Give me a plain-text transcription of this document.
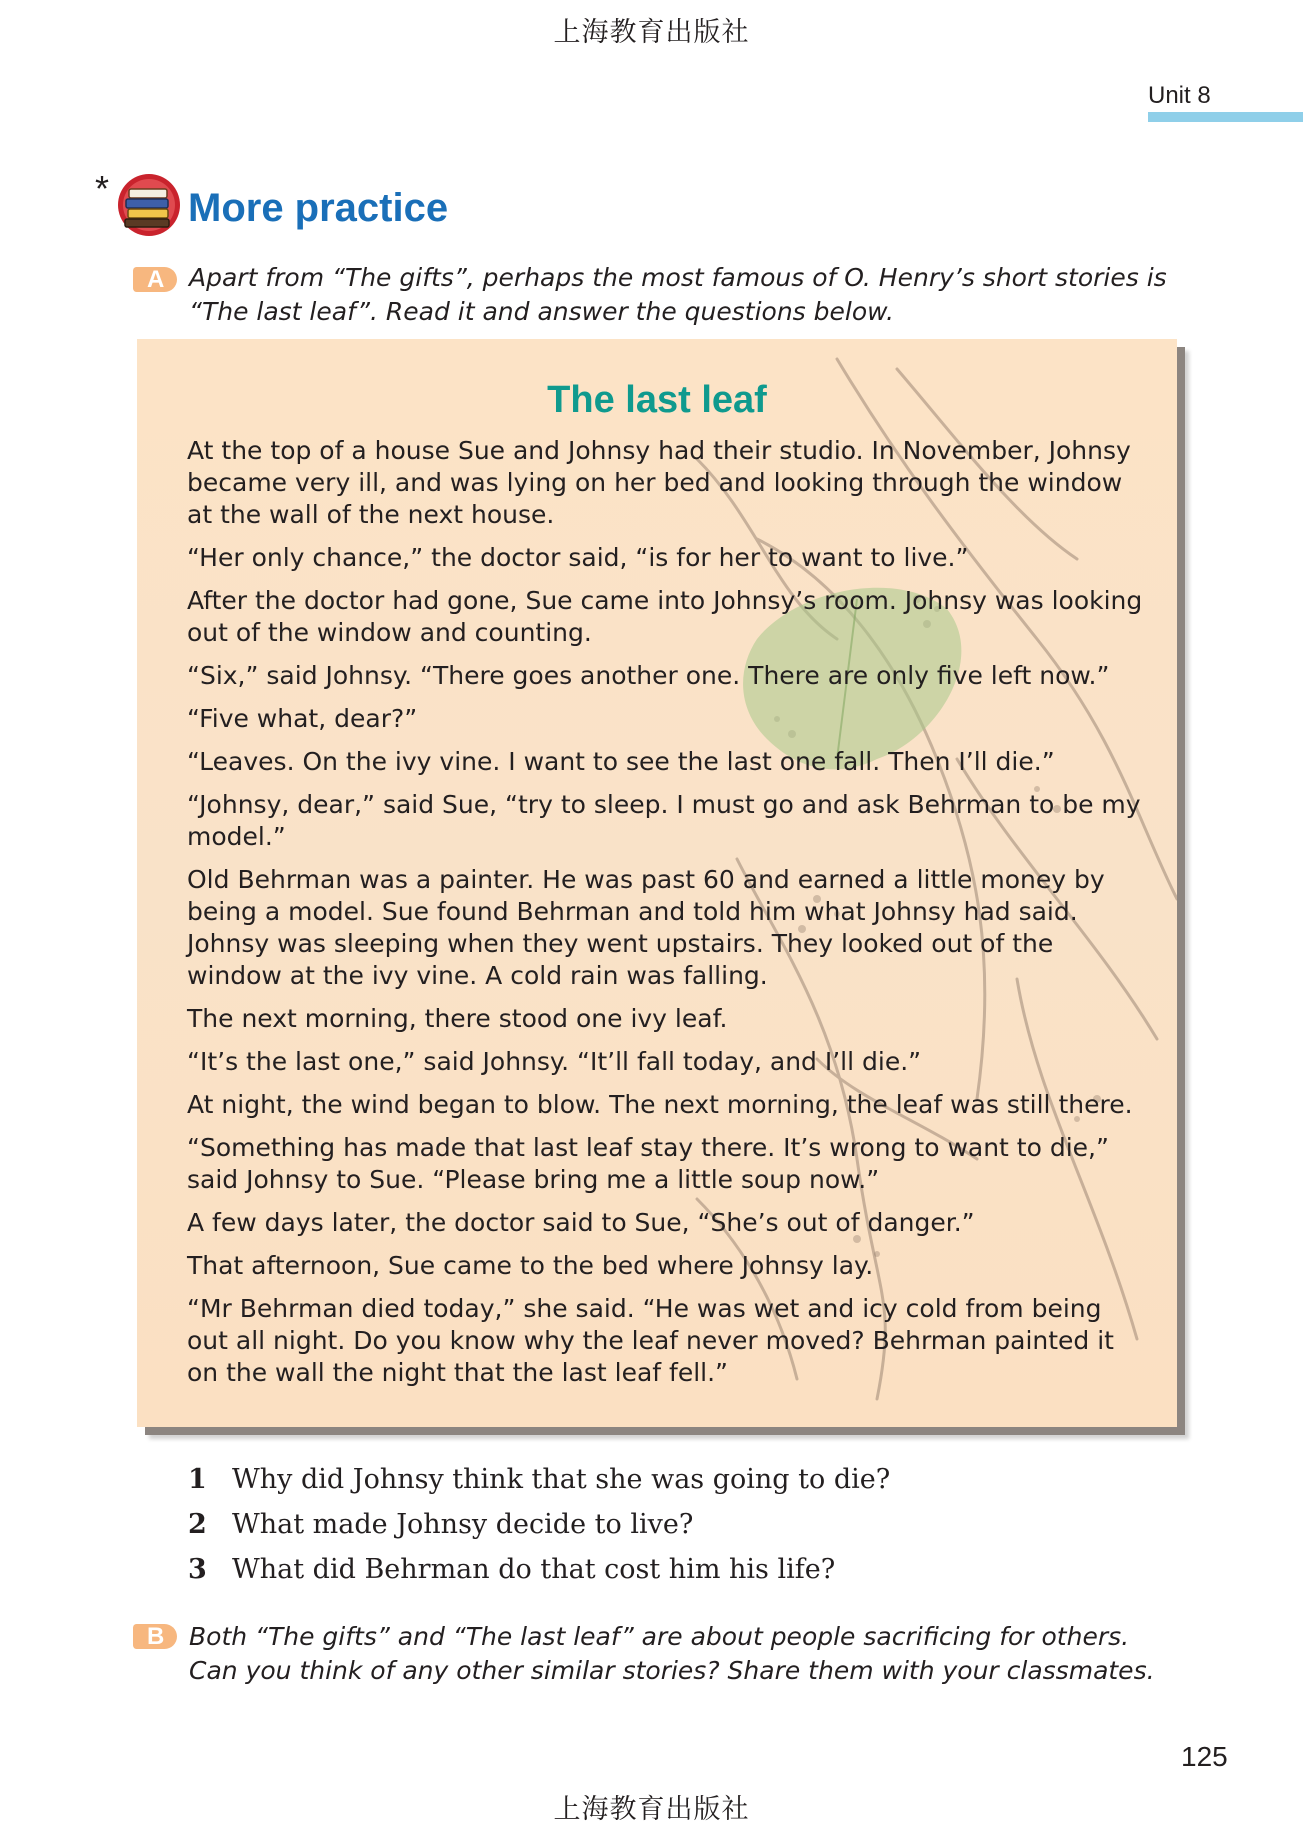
上海教育出版社
Unit 8
* More practice
A Apart from “The gifts”, perhaps the most famous of O. Henry’s short stories is “The last leaf”. Read it and answer the questions below.
The last leaf

At the top of a house Sue and Johnsy had their studio. In November, Johnsy became very ill, and was lying on her bed and looking through the window at the wall of the next house.

“Her only chance,” the doctor said, “is for her to want to live.”

After the doctor had gone, Sue came into Johnsy’s room. Johnsy was looking out of the window and counting.

“Six,” said Johnsy. “There goes another one. There are only five left now.”

“Five what, dear?”

“Leaves. On the ivy vine. I want to see the last one fall. Then I’ll die.”

“Johnsy, dear,” said Sue, “try to sleep. I must go and ask Behrman to be my model.”

Old Behrman was a painter. He was past 60 and earned a little money by being a model. Sue found Behrman and told him what Johnsy had said. Johnsy was sleeping when they went upstairs. They looked out of the window at the ivy vine. A cold rain was falling.

The next morning, there stood one ivy leaf.

“It’s the last one,” said Johnsy. “It’ll fall today, and I’ll die.”

At night, the wind began to blow. The next morning, the leaf was still there.

“Something has made that last leaf stay there. It’s wrong to want to die,” said Johnsy to Sue. “Please bring me a little soup now.”

A few days later, the doctor said to Sue, “She’s out of danger.”

That afternoon, Sue came to the bed where Johnsy lay.

“Mr Behrman died today,” she said. “He was wet and icy cold from being out all night. Do you know why the leaf never moved? Behrman painted it on the wall the night that the last leaf fell.”

1 Why did Johnsy think that she was going to die?
2 What made Johnsy decide to live?
3 What did Behrman do that cost him his life?
B Both “The gifts” and “The last leaf” are about people sacrificing for others. Can you think of any other similar stories? Share them with your classmates.
125
上海教育出版社
